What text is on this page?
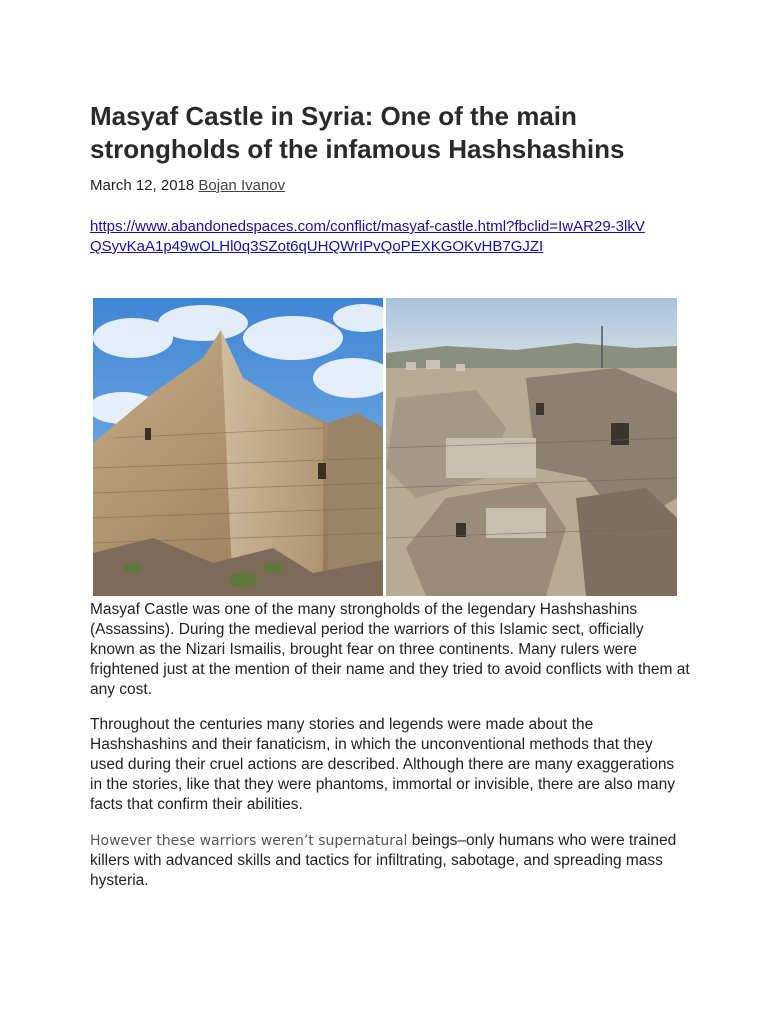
Masyaf Castle in Syria: One of the main strongholds of the infamous Hashshashins
March 12, 2018 Bojan Ivanov
https://www.abandonedspaces.com/conflict/masyaf-castle.html?fbclid=IwAR29-3lkVQSyvKaA1p49wOLHl0q3SZot6qUHQWrIPvQoPEXKGOKvHB7GJZI

Masyaf Castle was one of the many strongholds of the legendary Hashshashins (Assassins). During the medieval period the warriors of this Islamic sect, officially known as the Nizari Ismailis, brought fear on three continents. Many rulers were frightened just at the mention of their name and they tried to avoid conflicts with them at any cost.

Throughout the centuries many stories and legends were made about the Hashshashins and their fanaticism, in which the unconventional methods that they used during their cruel actions are described. Although there are many exaggerations in the stories, like that they were phantoms, immortal or invisible, there are also many facts that confirm their abilities.

However these warriors weren’t supernatural beings–only humans who were trained killers with advanced skills and tactics for infiltrating, sabotage, and spreading mass hysteria.
